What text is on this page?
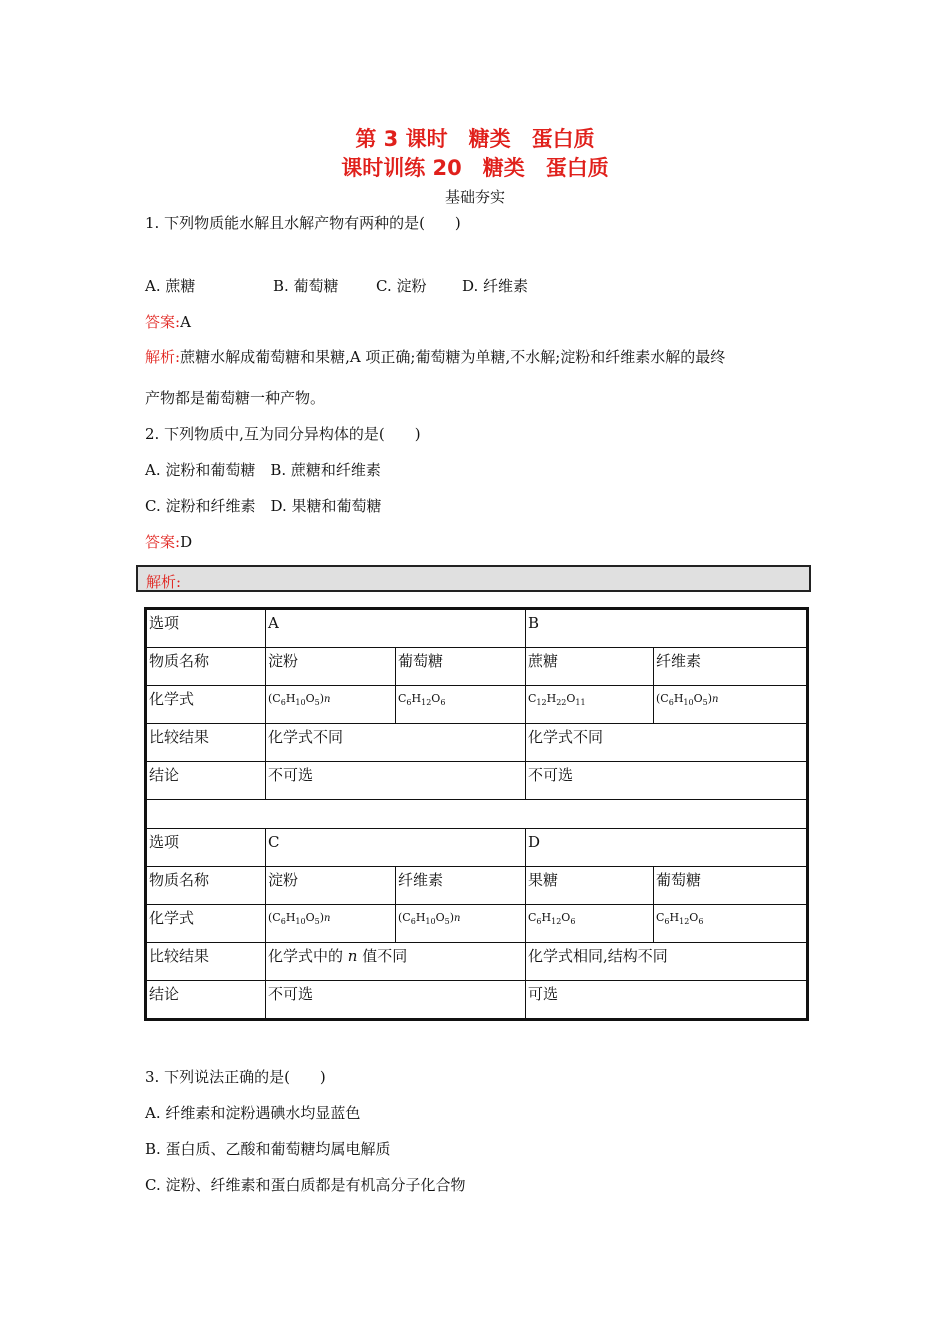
第 3 课时　糖类　蛋白质
课时训练 20　糖类　蛋白质
基础夯实
1. 下列物质能水解且水解产物有两种的是(　　)
A. 蔗糖	B. 葡萄糖 C. 淀粉 D. 纤维素
答案:A
解析:蔗糖水解成葡萄糖和果糖,A 项正确;葡萄糖为单糖,不水解;淀粉和纤维素水解的最终
产物都是葡萄糖一种产物。
2. 下列物质中,互为同分异构体的是(　　)
A. 淀粉和葡萄糖　B. 蔗糖和纤维素
C. 淀粉和纤维素　D. 果糖和葡萄糖
答案:D
解析:
选项	A		B	
物质名称	淀粉	葡萄糖	蔗糖	纤维素
化学式	$(C_6H_{10}O_5)n$	$C_6H_{12}O_6$	$C_{12}H_{22}O_{11}$	$(C_6H_{10}O_5)n$
比较结果	化学式不同		化学式不同	
结论	不可选		不可选	

选项	C		D	
物质名称	淀粉	纤维素	果糖	葡萄糖
化学式	$(C_6H_{10}O_5)n$	$(C_6H_{10}O_5)n$	$C_6H_{12}O_6$	$C_6H_{12}O_6$
比较结果	化学式中的 n 值不同		化学式相同,结构不同	
结论	不可选		可选	
3. 下列说法正确的是(　　)
A. 纤维素和淀粉遇碘水均显蓝色
B. 蛋白质、乙酸和葡萄糖均属电解质
C. 淀粉、纤维素和蛋白质都是有机高分子化合物
